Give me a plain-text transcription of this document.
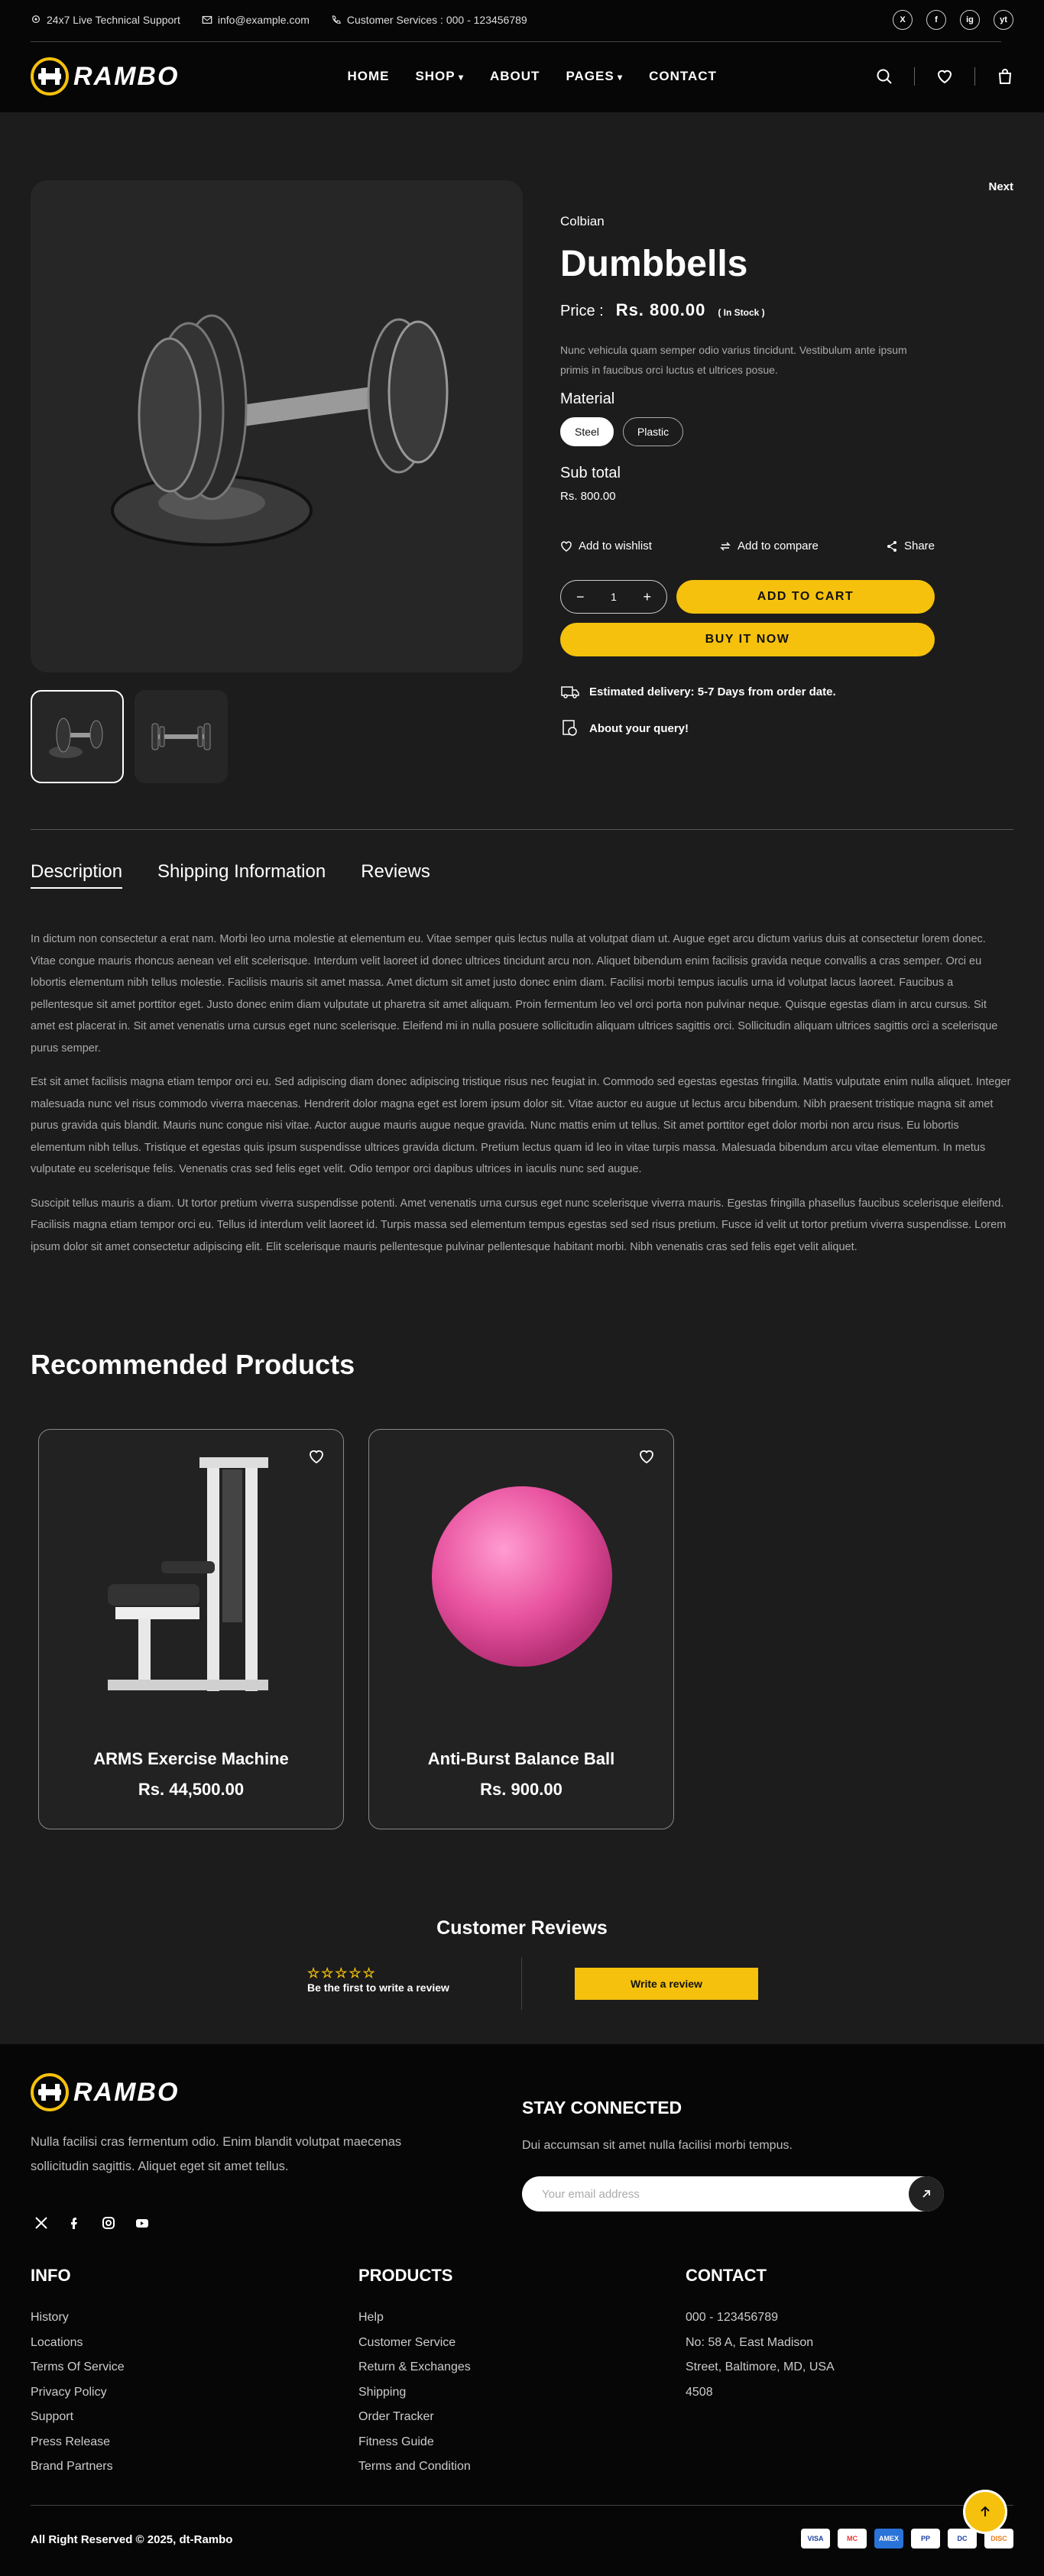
24x7 Live Technical Support	info@example.com	Customer Services : 000 - 123456789	X	f	ig	yt
RAMBO	HOME SHOP ▾	ABOUT PAGES ▾	CONTACT
Next
Colbian
Dumbbells
Price : Rs. 800.00 ( In Stock )

Nunc vehicula quam semper odio varius tincidunt. Vestibulum ante ipsum primis in faucibus orci luctus et ultrices posue.

Material
Steel	Plastic
Sub total
Rs. 800.00
Add to wishlist	Add to compare	Share
− 1 +	ADD TO CART
BUY IT NOW
Estimated delivery: 5-7 Days from order date.
About your query!
Description Shipping Information Reviews

In dictum non consectetur a erat nam. Morbi leo urna molestie at elementum eu. Vitae semper quis lectus nulla at volutpat diam ut. Augue eget arcu dictum varius duis at consectetur lorem donec. Vitae congue mauris rhoncus aenean vel elit scelerisque. Interdum velit laoreet id donec ultrices tincidunt arcu non. Aliquet bibendum enim facilisis gravida neque convallis a cras semper. Orci eu lobortis elementum nibh tellus molestie. Facilisis mauris sit amet massa. Amet dictum sit amet justo donec enim diam. Facilisi morbi tempus iaculis urna id volutpat lacus laoreet. Faucibus a pellentesque sit amet porttitor eget. Justo donec enim diam vulputate ut pharetra sit amet aliquam. Proin fermentum leo vel orci porta non pulvinar neque. Quisque egestas diam in arcu cursus. Sit amet est placerat in. Sit amet venenatis urna cursus eget nunc scelerisque. Eleifend mi in nulla posuere sollicitudin aliquam ultrices sagittis orci. Sollicitudin aliquam ultrices sagittis orci a scelerisque purus semper.

Est sit amet facilisis magna etiam tempor orci eu. Sed adipiscing diam donec adipiscing tristique risus nec feugiat in. Commodo sed egestas egestas fringilla. Mattis vulputate enim nulla aliquet. Integer malesuada nunc vel risus commodo viverra maecenas. Hendrerit dolor magna eget est lorem ipsum dolor sit. Vitae auctor eu augue ut lectus arcu bibendum. Nibh praesent tristique magna sit amet purus gravida quis blandit. Mauris nunc congue nisi vitae. Auctor augue mauris augue neque gravida. Nunc mattis enim ut tellus. Sit amet porttitor eget dolor morbi non arcu risus. Eu lobortis elementum nibh tellus. Tristique et egestas quis ipsum suspendisse ultrices gravida dictum. Pretium lectus quam id leo in vitae turpis massa. Malesuada bibendum arcu vitae elementum. In metus vulputate eu scelerisque felis. Venenatis cras sed felis eget velit. Odio tempor orci dapibus ultrices in iaculis nunc sed augue.

Suscipit tellus mauris a diam. Ut tortor pretium viverra suspendisse potenti. Amet venenatis urna cursus eget nunc scelerisque viverra mauris. Egestas fringilla phasellus faucibus scelerisque eleifend. Facilisis magna etiam tempor orci eu. Tellus id interdum velit laoreet id. Turpis massa sed elementum tempus egestas sed sed risus pretium. Fusce id velit ut tortor pretium viverra suspendisse. Lorem ipsum dolor sit amet consectetur adipiscing elit. Elit scelerisque mauris pellentesque pulvinar pellentesque habitant morbi. Nibh venenatis cras sed felis eget velit aliquet.

Recommended Products
ARMS Exercise Machine
Rs. 44,500.00
Anti-Burst Balance Ball
Rs. 900.00
Customer Reviews
☆☆☆☆☆
Be the first to write a review	Write a review
RAMBO

Nulla facilisi cras fermentum odio. Enim blandit volutpat maecenas sollicitudin sagittis. Aliquet eget sit amet tellus.

STAY CONNECTED
Dui accumsan sit amet nulla facilisi morbi tempus.
Your email address
INFO
History
Locations
Terms Of Service
Privacy Policy
Support
Press Release
Brand Partners
PRODUCTS
Help
Customer Service
Return & Exchanges
Shipping
Order Tracker
Fitness Guide
Terms and Condition
CONTACT
000 - 123456789
No: 58 A, East Madison
Street, Baltimore, MD, USA
4508
All Right Reserved © 2025, dt-Rambo	VISA	MC	AMEX	PP	DC	DISC
